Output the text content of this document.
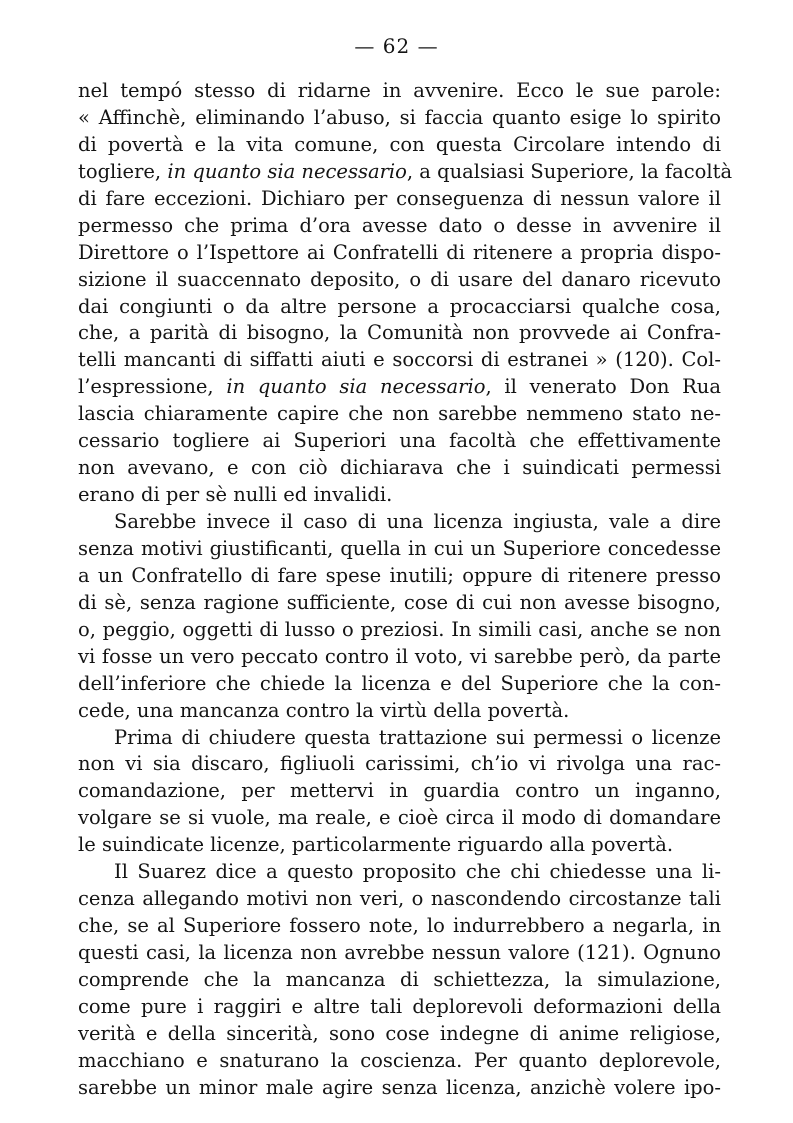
— 62 —
nel tempó stesso di ridarne in avvenire. Ecco le sue parole:
« Affinchè, eliminando l’abuso, si faccia quanto esige lo spirito
di povertà e la vita comune, con questa Circolare intendo di
togliere, in quanto sia necessario, a qualsiasi Superiore, la facoltà
di fare eccezioni. Dichiaro per conseguenza di nessun valore il
permesso che prima d’ora avesse dato o desse in avvenire il
Direttore o l’Ispettore ai Confratelli di ritenere a propria dispo-
sizione il suaccennato deposito, o di usare del danaro ricevuto
dai congiunti o da altre persone a procacciarsi qualche cosa,
che, a parità di bisogno, la Comunità non provvede ai Confra-
telli mancanti di siffatti aiuti e soccorsi di estranei » (120). Col-
l’espressione, in quanto sia necessario, il venerato Don Rua
lascia chiaramente capire che non sarebbe nemmeno stato ne-
cessario togliere ai Superiori una facoltà che effettivamente
non avevano, e con ciò dichiarava che i suindicati permessi
erano di per sè nulli ed invalidi.
Sarebbe invece il caso di una licenza ingiusta, vale a dire
senza motivi giustificanti, quella in cui un Superiore concedesse
a un Confratello di fare spese inutili; oppure di ritenere presso
di sè, senza ragione sufficiente, cose di cui non avesse bisogno,
o, peggio, oggetti di lusso o preziosi. In simili casi, anche se non
vi fosse un vero peccato contro il voto, vi sarebbe però, da parte
dell’inferiore che chiede la licenza e del Superiore che la con-
cede, una mancanza contro la virtù della povertà.
Prima di chiudere questa trattazione sui permessi o licenze
non vi sia discaro, figliuoli carissimi, ch’io vi rivolga una rac-
comandazione, per mettervi in guardia contro un inganno,
volgare se si vuole, ma reale, e cioè circa il modo di domandare
le suindicate licenze, particolarmente riguardo alla povertà.
Il Suarez dice a questo proposito che chi chiedesse una li-
cenza allegando motivi non veri, o nascondendo circostanze tali
che, se al Superiore fossero note, lo indurrebbero a negarla, in
questi casi, la licenza non avrebbe nessun valore (121). Ognuno
comprende che la mancanza di schiettezza, la simulazione,
come pure i raggiri e altre tali deplorevoli deformazioni della
verità e della sincerità, sono cose indegne di anime religiose,
macchiano e snaturano la coscienza. Per quanto deplorevole,
sarebbe un minor male agire senza licenza, anzichè volere ipo-
